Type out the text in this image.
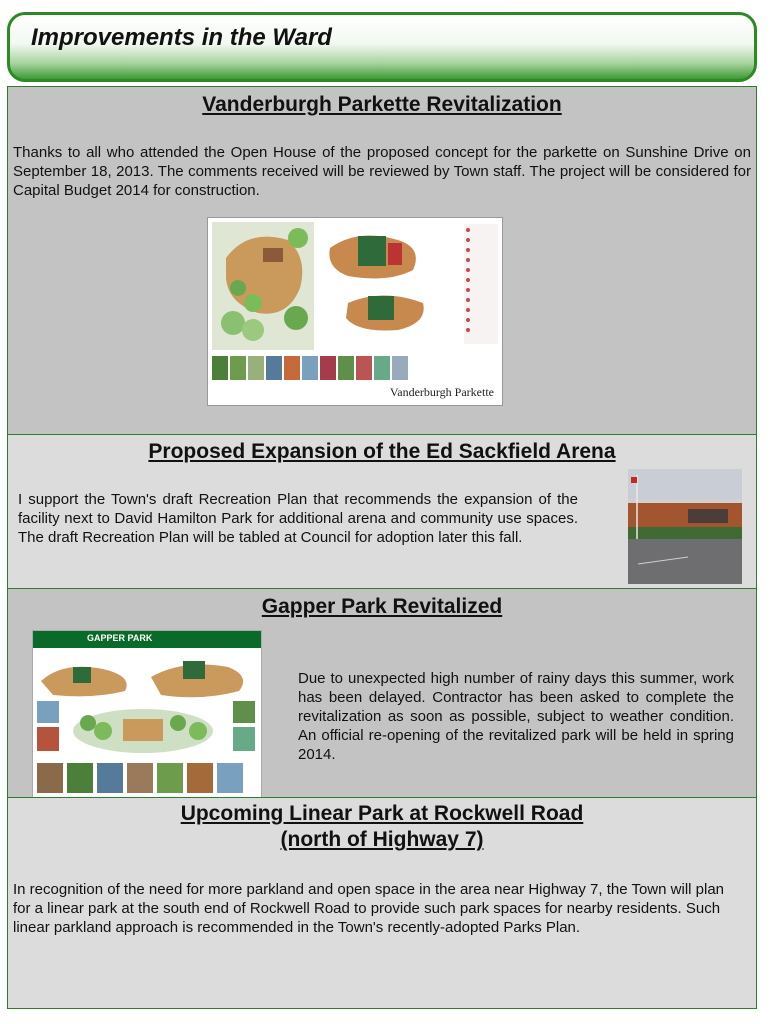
Improvements in the Ward
Vanderburgh Parkette Revitalization
Thanks to all who attended the Open House of the proposed concept for the parkette on Sunshine Drive on September 18, 2013. The comments received will be reviewed by Town staff. The project will be considered for Capital Budget 2014 for construction.
Vanderburgh Parkette
Proposed Expansion of the Ed Sackfield Arena
I support the Town's draft Recreation Plan that recommends the expansion of the facility next to David Hamilton Park for additional arena and community use spaces. The draft Recreation Plan will be tabled at Council for adoption later this fall.
Gapper Park Revitalized
GAPPER PARK
Due to unexpected high number of rainy days this summer, work has been delayed. Contractor has been asked to complete the revitalization as soon as possible, subject to weather condition. An official re-opening of the revitalized park will be held in spring 2014.
Upcoming Linear Park at Rockwell Road
(north of Highway 7)
In recognition of the need for more parkland and open space in the area near Highway 7, the Town will plan for a linear park at the south end of Rockwell Road to provide such park spaces for nearby residents. Such linear parkland approach is recommended in the Town's recently-adopted Parks Plan.
